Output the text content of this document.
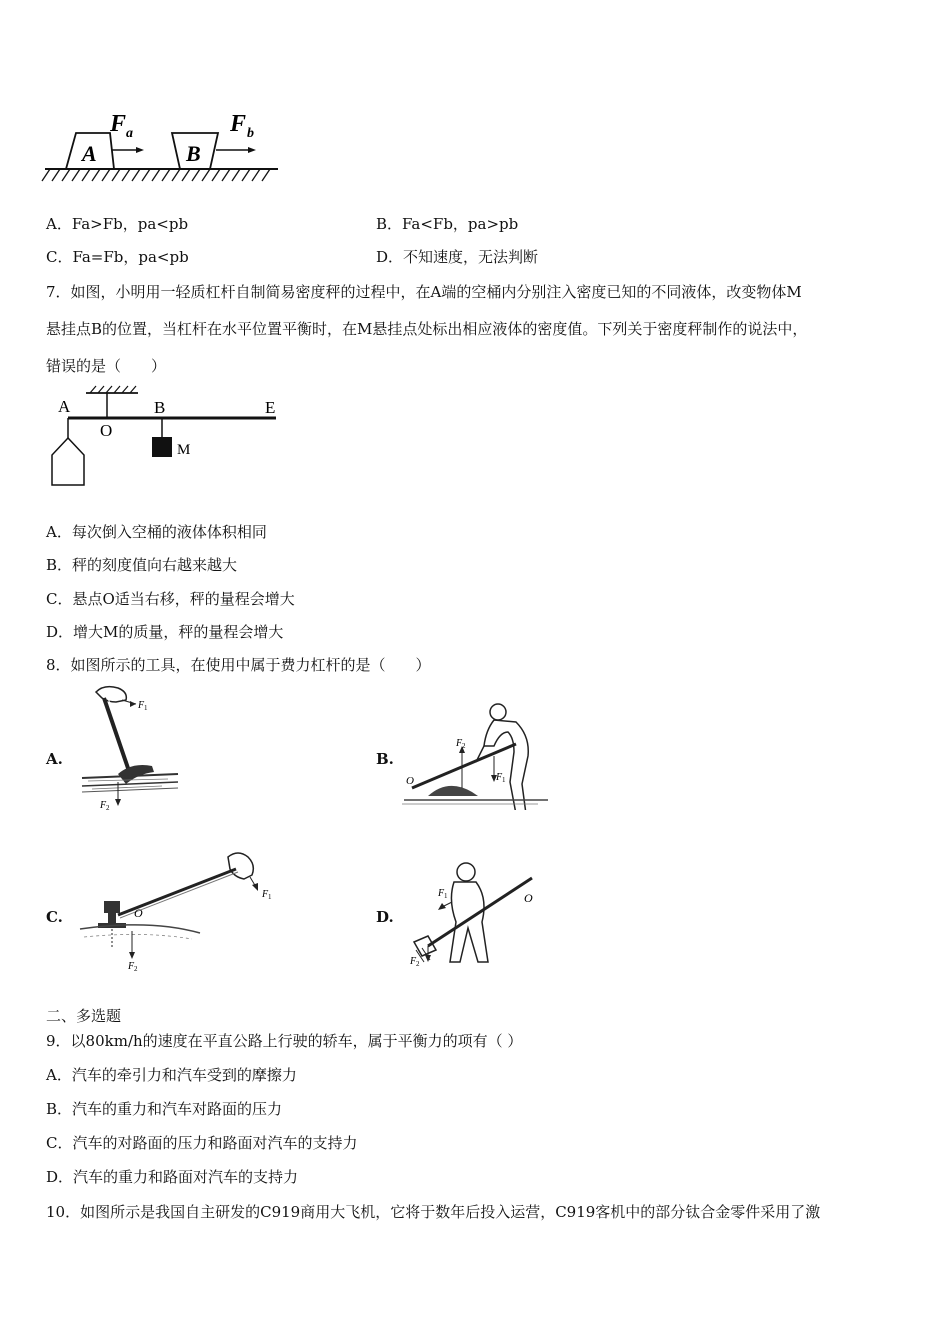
A	B
F a	F b
A．Fa>Fb，pa<pb	B．Fa<Fb，pa>pb
C．Fa=Fb，pa<pb	D．不知速度，无法判断
7．如图，小明用一轻质杠杆自制简易密度秤的过程中，在A端的空桶内分别注入密度已知的不同液体，改变物体M
悬挂点B的位置，当杠杆在水平位置平衡时，在M悬挂点处标出相应液体的密度值。下列关于密度秤制作的说法中，
错误的是（　　）
A
O
B	E
M
A．每次倒入空桶的液体体积相同
B．秤的刻度值向右越来越大
C．悬点O适当右移，秤的量程会增大
D．增大M的质量，秤的量程会增大
8．如图所示的工具，在使用中属于费力杠杆的是（　　）
A.	B.
C.	D.
F 1
F 2
F 2
F 1
O
F 2
F 1
O
F 1
F 2
O
二、多选题
9．以80km/h的速度在平直公路上行驶的轿车，属于平衡力的项有（ ）
A．汽车的牵引力和汽车受到的摩擦力
B．汽车的重力和汽车对路面的压力
C．汽车的对路面的压力和路面对汽车的支持力
D．汽车的重力和路面对汽车的支持力
10．如图所示是我国自主研发的C919商用大飞机，它将于数年后投入运营，C919客机中的部分钛合金零件采用了激
